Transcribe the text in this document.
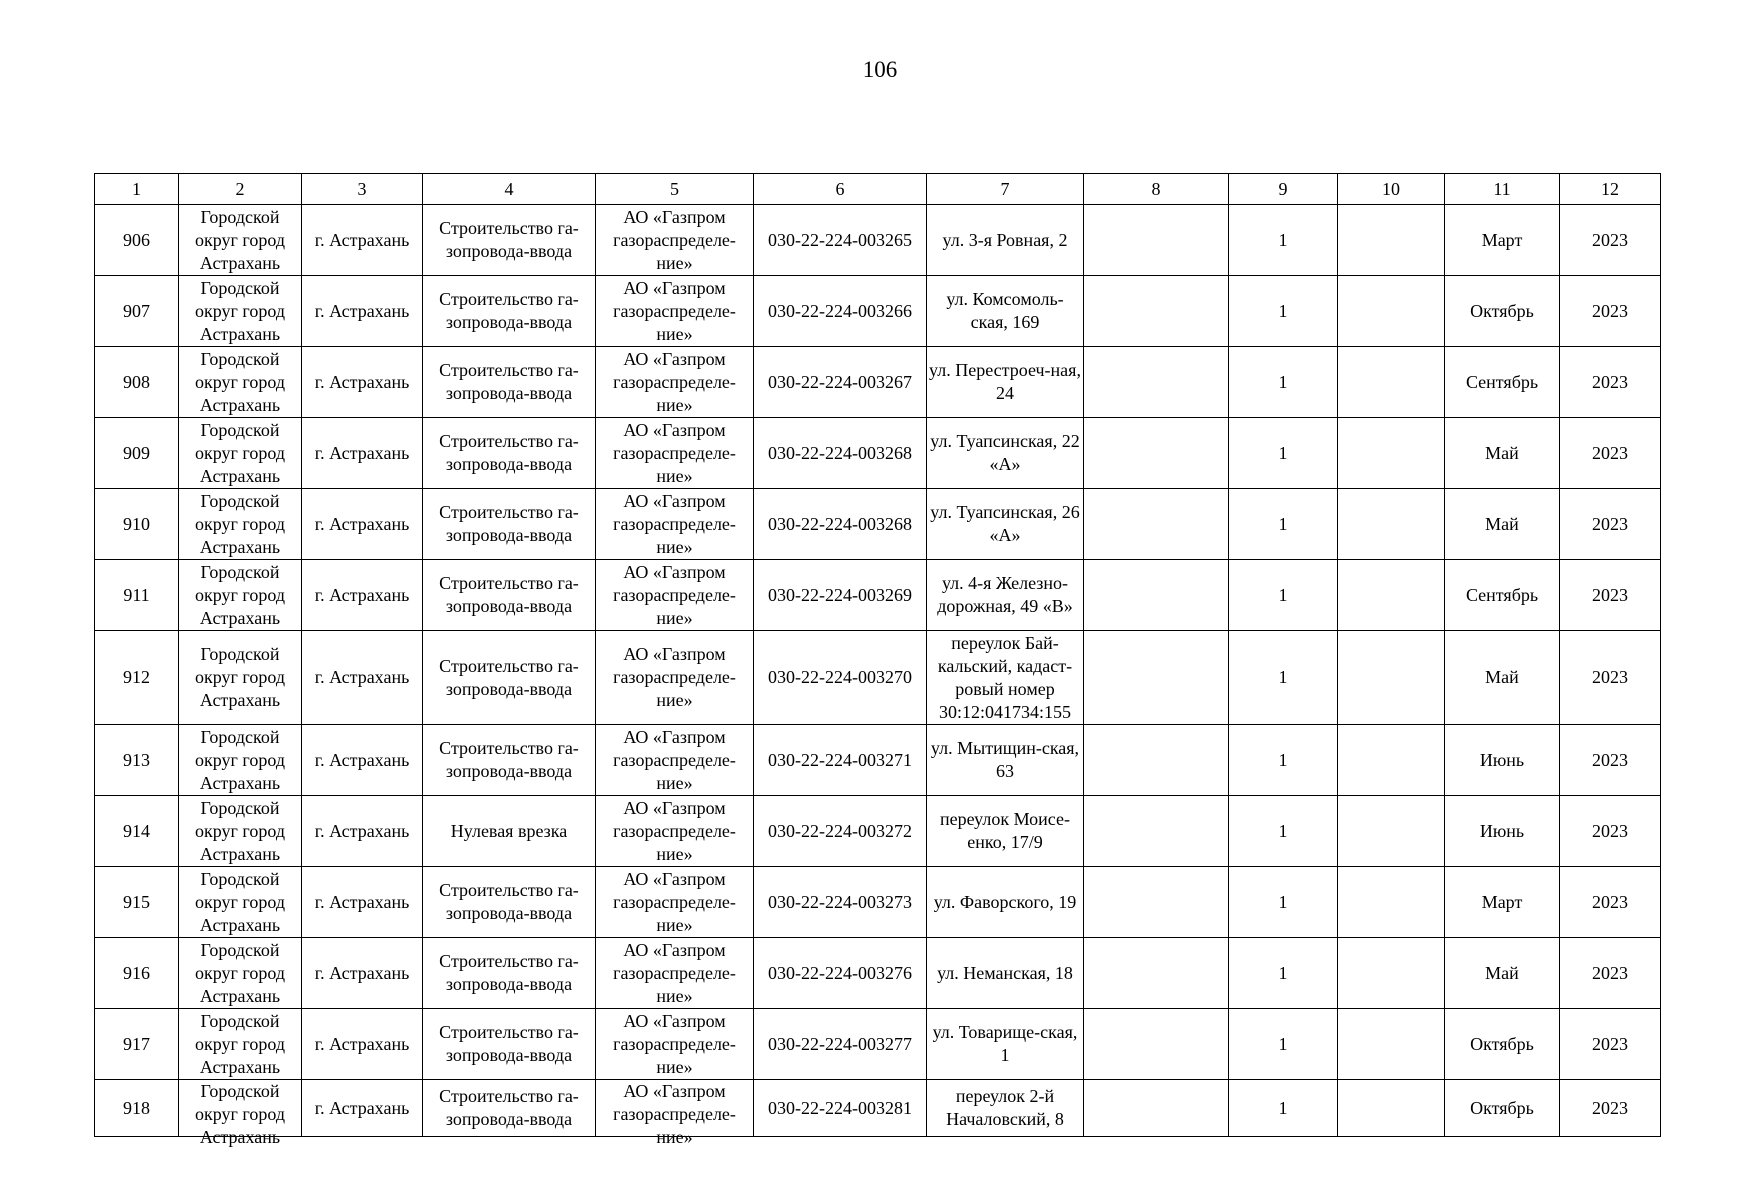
106
1	2	3	4	5	6	7	8	9	10	11	12

906	Городской округ город Астрахань	г. Астрахань	Строительство га-зопровода-ввода	АО «Газпром газораспределе-ние»	030-22-224-003265	ул. 3-я Ровная, 2		1		Март	2023

907	Городской округ город Астрахань	г. Астрахань	Строительство га-зопровода-ввода	АО «Газпром газораспределе-ние»	030-22-224-003266	ул. Комсомоль-ская, 169		1		Октябрь	2023

908	Городской округ город Астрахань	г. Астрахань	Строительство га-зопровода-ввода	АО «Газпром газораспределе-ние»	030-22-224-003267	ул. Перестроеч-ная, 24		1		Сентябрь	2023

909	Городской округ город Астрахань	г. Астрахань	Строительство га-зопровода-ввода	АО «Газпром газораспределе-ние»	030-22-224-003268	ул. Туапсинская, 22 «А»		1		Май	2023

910	Городской округ город Астрахань	г. Астрахань	Строительство га-зопровода-ввода	АО «Газпром газораспределе-ние»	030-22-224-003268	ул. Туапсинская, 26 «А»		1		Май	2023

911	Городской округ город Астрахань	г. Астрахань	Строительство га-зопровода-ввода	АО «Газпром газораспределе-ние»	030-22-224-003269	ул. 4-я Железно-дорожная, 49 «В»		1		Сентябрь	2023

912	Городской округ город Астрахань	г. Астрахань	Строительство га-зопровода-ввода	АО «Газпром газораспределе-ние»	030-22-224-003270	переулок Бай-кальский, кадаст-ровый номер 30:12:041734:155		1		Май	2023

913	Городской округ город Астрахань	г. Астрахань	Строительство га-зопровода-ввода	АО «Газпром газораспределе-ние»	030-22-224-003271	ул. Мытищин-ская, 63		1		Июнь	2023

914	Городской округ город Астрахань	г. Астрахань	Нулевая врезка	АО «Газпром газораспределе-ние»	030-22-224-003272	переулок Моисе-енко, 17/9		1		Июнь	2023

915	Городской округ город Астрахань	г. Астрахань	Строительство га-зопровода-ввода	АО «Газпром газораспределе-ние»	030-22-224-003273	ул. Фаворского, 19		1		Март	2023

916	Городской округ город Астрахань	г. Астрахань	Строительство га-зопровода-ввода	АО «Газпром газораспределе-ние»	030-22-224-003276	ул. Неманская, 18		1		Май	2023

917	Городской округ город Астрахань	г. Астрахань	Строительство га-зопровода-ввода	АО «Газпром газораспределе-ние»	030-22-224-003277	ул. Товарище-ская, 1		1		Октябрь	2023

918	Городской округ город Астрахань	г. Астрахань	Строительство га-зопровода-ввода	АО «Газпром газораспределе-ние»	030-22-224-003281	переулок 2-й Началовский, 8		1		Октябрь	2023
